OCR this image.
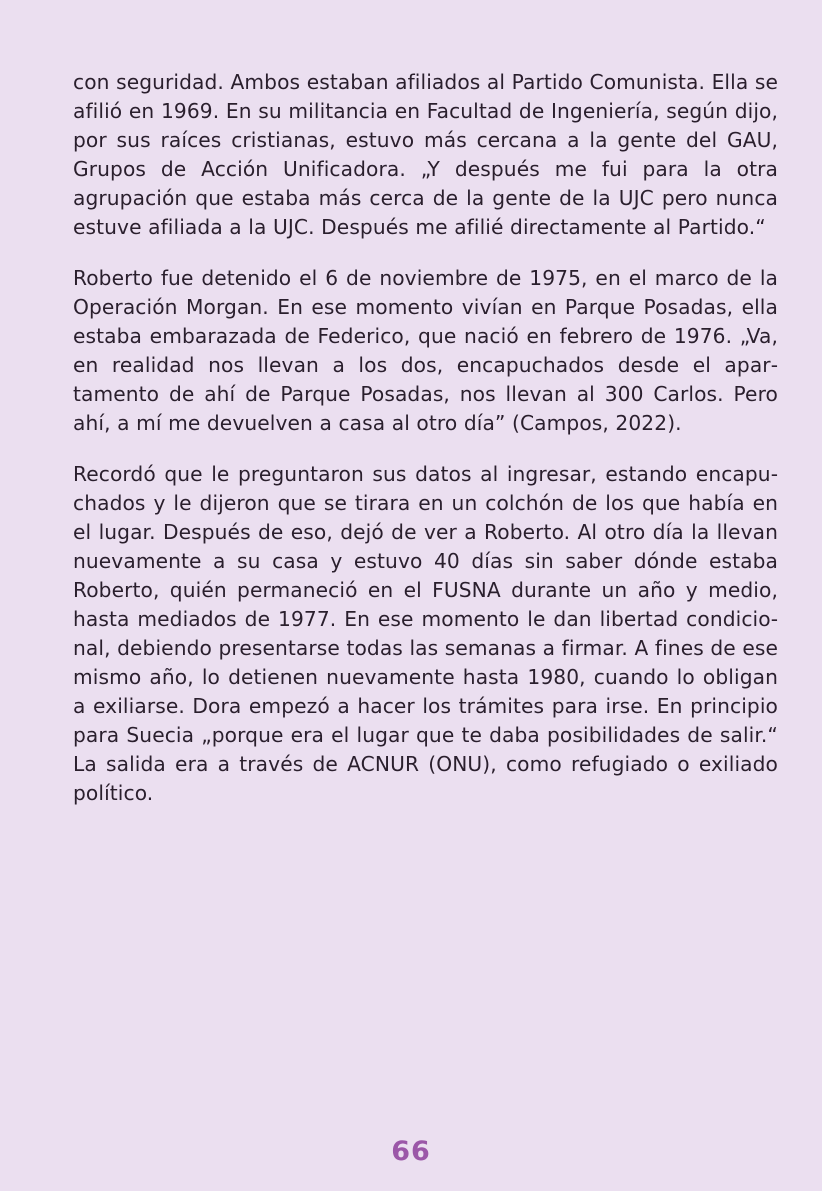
con seguridad. Ambos estaban afiliados al Partido Comunista. Ella se afilió en 1969. En su militancia en Facultad de Ingeniería, según dijo, por sus raíces cristianas, estuvo más cercana a la gente del GAU, Grupos de Acción Unificadora. „Y después me fui para la otra agrupación que estaba más cerca de la gente de la UJC pero nunca estuve afiliada a la UJC. Después me afilié directamente al Partido.“

Roberto fue detenido el 6 de noviembre de 1975, en el marco de la Operación Morgan. En ese momento vivían en Parque Posadas, ella estaba embarazada de Federico, que nació en febrero de 1976. „Va, en realidad nos llevan a los dos, encapuchados desde el apartamento de ahí de Parque Posadas, nos llevan al 300 Carlos. Pero ahí, a mí me devuelven a casa al otro día” (Campos, 2022).

Recordó que le preguntaron sus datos al ingresar, estando encapuchados y le dijeron que se tirara en un colchón de los que había en el lugar. Después de eso, dejó de ver a Roberto. Al otro día la llevan nuevamente a su casa y estuvo 40 días sin saber dónde estaba Roberto, quién permaneció en el FUSNA durante un año y medio, hasta mediados de 1977. En ese momento le dan libertad condicional, debiendo presentarse todas las semanas a firmar. A fines de ese mismo año, lo detienen nuevamente hasta 1980, cuando lo obligan a exiliarse. Dora empezó a hacer los trámites para irse. En principio para Suecia „porque era el lugar que te daba posibilidades de salir.“ La salida era a través de ACNUR (ONU), como refugiado o exiliado político.

66
